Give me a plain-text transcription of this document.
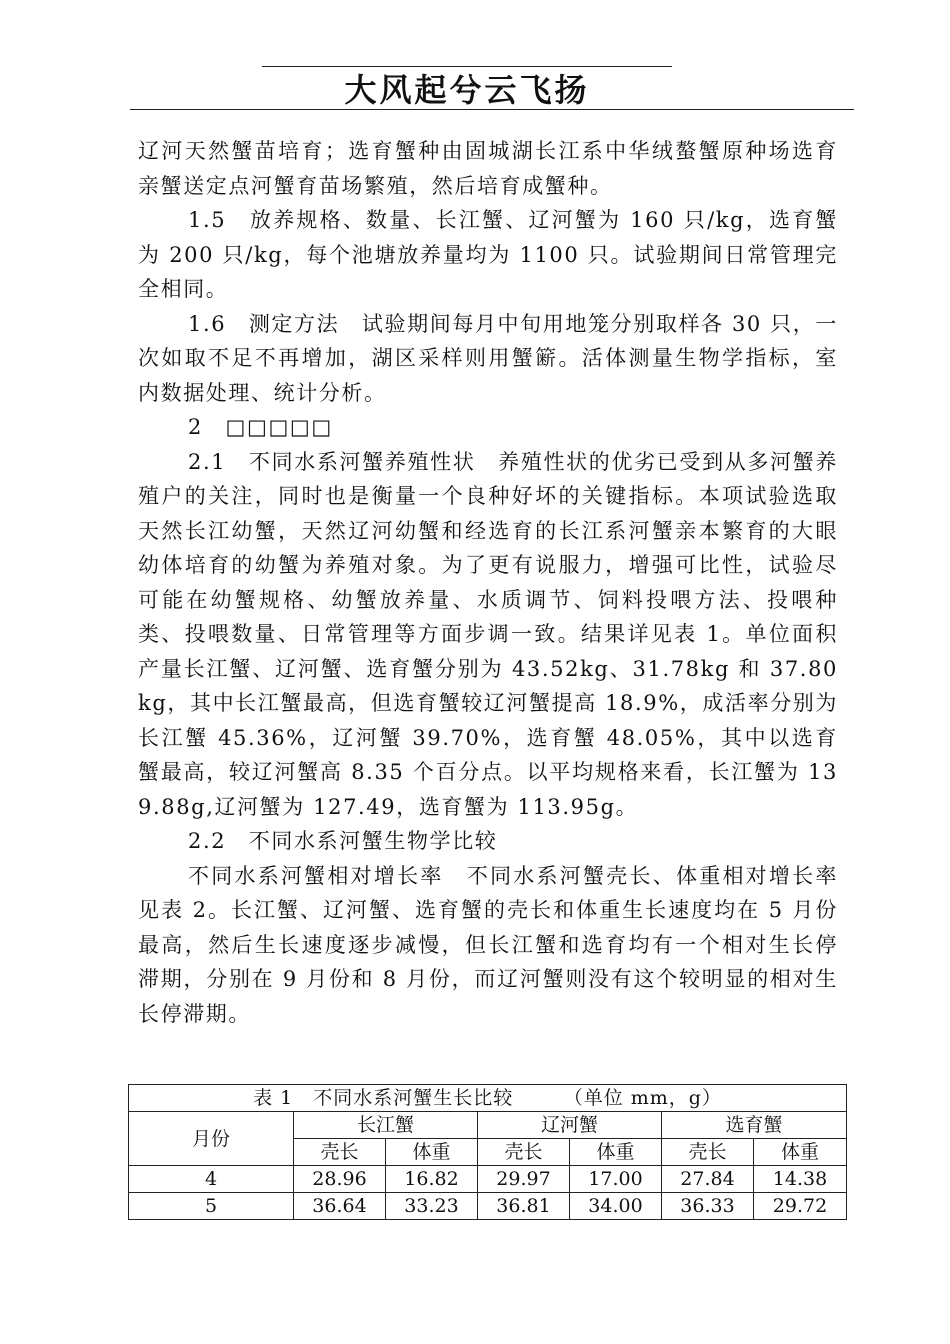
大风起兮云飞扬

辽河天然蟹苗培育；选育蟹种由固城湖长江系中华绒螯蟹原种场选育亲蟹送定点河蟹育苗场繁殖，然后培育成蟹种。

1.5　放养规格、数量、长江蟹、辽河蟹为 160 只/kg，选育蟹为 200 只/kg，每个池塘放养量均为 1100 只。试验期间日常管理完全相同。

1.6　测定方法　试验期间每月中旬用地笼分别取样各 30 只，一次如取不足不再增加，湖区采样则用蟹簖。活体测量生物学指标，室内数据处理、统计分析。

2　□□□□□

2.1　不同水系河蟹养殖性状　养殖性状的优劣已受到从多河蟹养殖户的关注，同时也是衡量一个良种好坏的关键指标。本项试验选取天然长江幼蟹，天然辽河幼蟹和经选育的长江系河蟹亲本繁育的大眼幼体培育的幼蟹为养殖对象。为了更有说服力，增强可比性，试验尽可能在幼蟹规格、幼蟹放养量、水质调节、饲料投喂方法、投喂种类、投喂数量、日常管理等方面步调一致。结果详见表 1。单位面积产量长江蟹、辽河蟹、选育蟹分别为 43.52kg、31.78kg 和 37.80kg，其中长江蟹最高，但选育蟹较辽河蟹提高 18.9%，成活率分别为长江蟹 45.36%，辽河蟹 39.70%，选育蟹 48.05%，其中以选育蟹最高，较辽河蟹高 8.35 个百分点。以平均规格来看，长江蟹为 139.88g,辽河蟹为 127.49，选育蟹为 113.95g。

2.2　不同水系河蟹生物学比较

不同水系河蟹相对增长率　不同水系河蟹壳长、体重相对增长率见表 2。长江蟹、辽河蟹、选育蟹的壳长和体重生长速度均在 5 月份最高，然后生长速度逐步减慢，但长江蟹和选育均有一个相对生长停滞期，分别在 9 月份和 8 月份，而辽河蟹则没有这个较明显的相对生长停滞期。

表 1　不同水系河蟹生长比较　　　（单位 mm，g）						
月份	长江蟹		辽河蟹		选育蟹	
	壳长	体重	壳长	体重	壳长	体重
4	28.96	16.82	29.97	17.00	27.84	14.38
5	36.64	33.23	36.81	34.00	36.33	29.72
